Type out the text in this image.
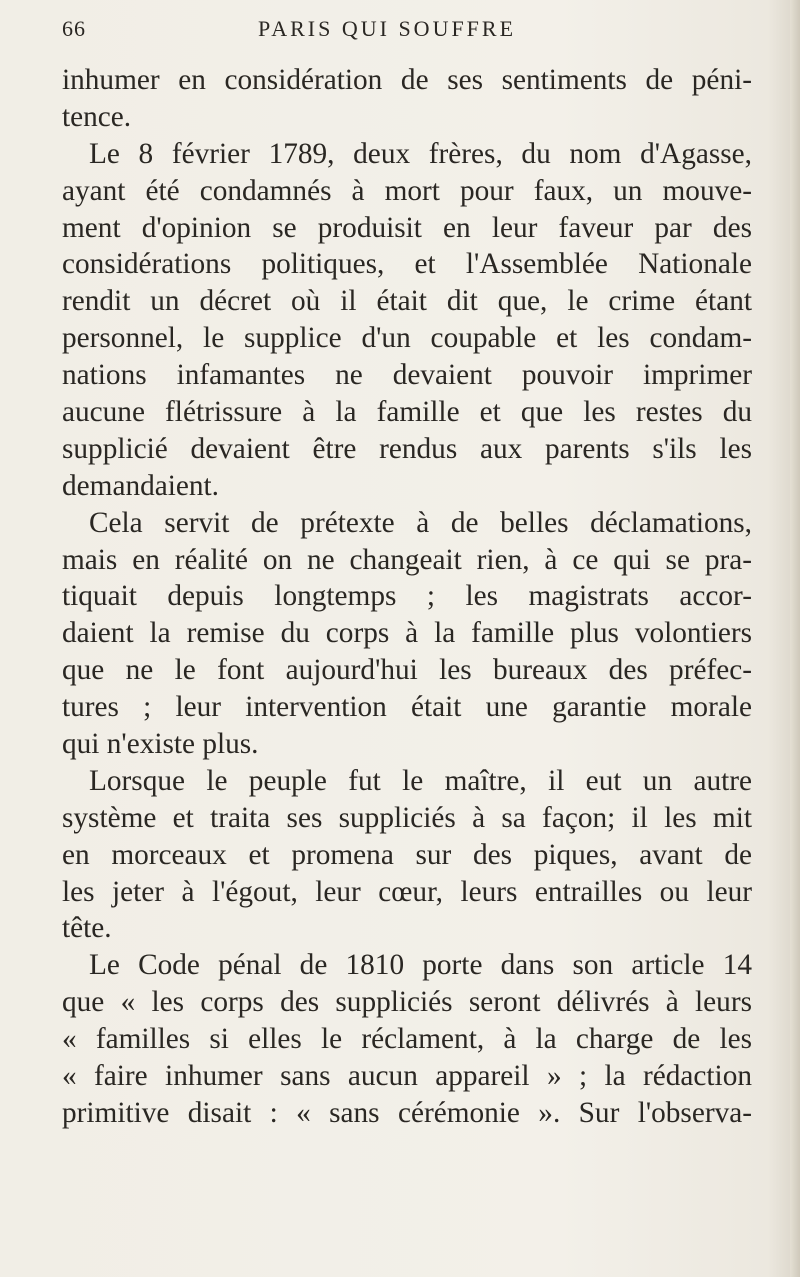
66	PARIS QUI SOUFFRE
inhumer en considération de ses sentiments de péni-
tence.
Le 8 février 1789, deux frères, du nom d'Agasse,
ayant été condamnés à mort pour faux, un mouve-
ment d'opinion se produisit en leur faveur par des
considérations politiques, et l'Assemblée Nationale
rendit un décret où il était dit que, le crime étant
personnel, le supplice d'un coupable et les condam-
nations infamantes ne devaient pouvoir imprimer
aucune flétrissure à la famille et que les restes du
supplicié devaient être rendus aux parents s'ils les
demandaient.
Cela servit de prétexte à de belles déclamations,
mais en réalité on ne changeait rien, à ce qui se pra-
tiquait depuis longtemps ; les magistrats accor-
daient la remise du corps à la famille plus volontiers
que ne le font aujourd'hui les bureaux des préfec-
tures ; leur intervention était une garantie morale
qui n'existe plus.
Lorsque le peuple fut le maître, il eut un autre
système et traita ses suppliciés à sa façon; il les mit
en morceaux et promena sur des piques, avant de
les jeter à l'égout, leur cœur, leurs entrailles ou leur
tête.
Le Code pénal de 1810 porte dans son article 14
que « les corps des suppliciés seront délivrés à leurs
« familles si elles le réclament, à la charge de les
« faire inhumer sans aucun appareil » ; la rédaction
primitive disait : « sans cérémonie ». Sur l'observa-
